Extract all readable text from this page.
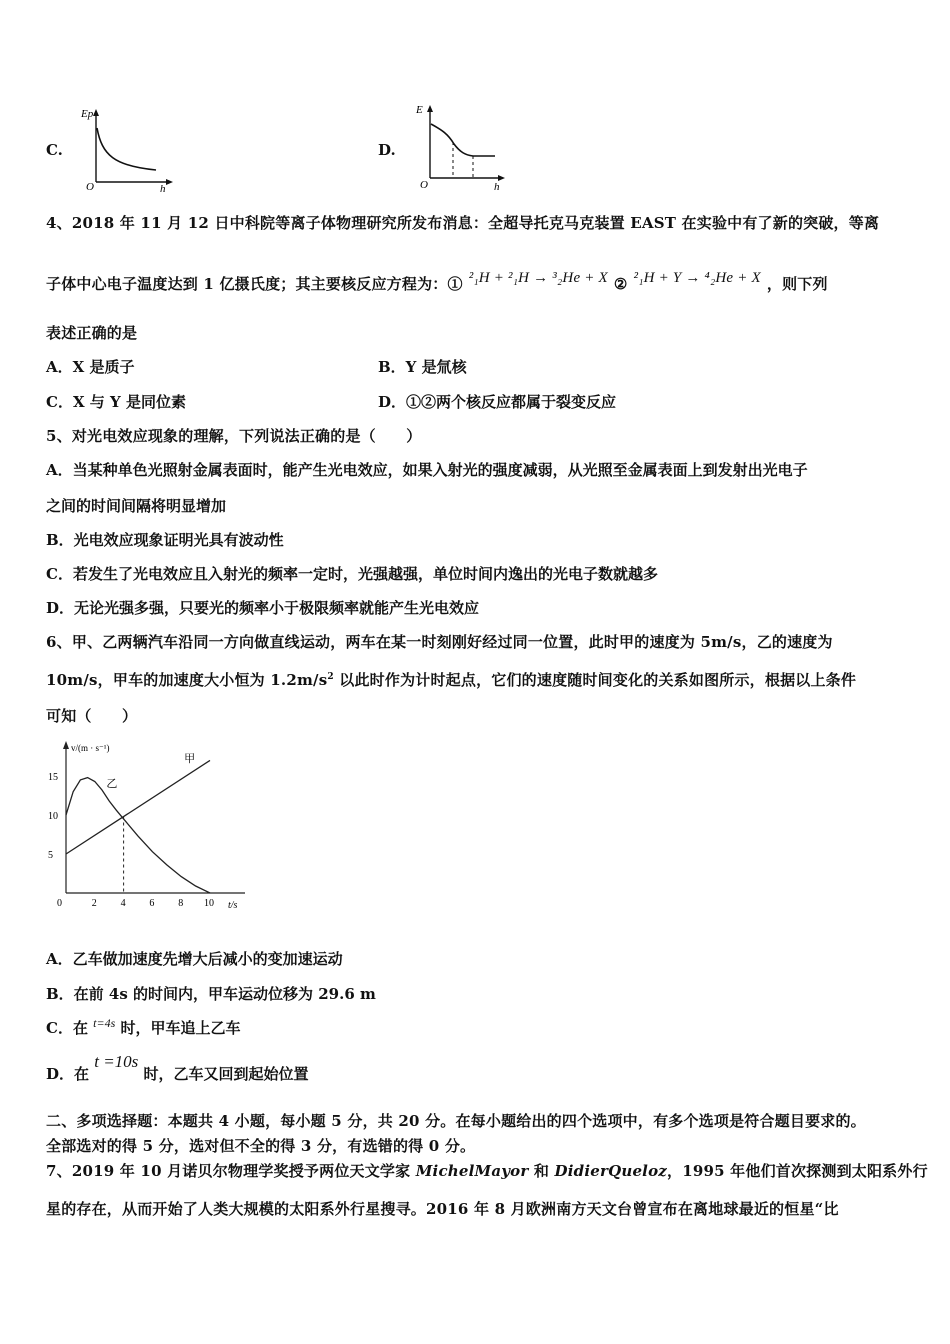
C.
Ep
O	h
D.
E
O	h
4、2018 年 11 月 12 日中科院等离子体物理研究所发布消息：全超导托克马克装置 EAST 在实验中有了新的突破，等离
子体中心电子温度达到 1 亿摄氏度；其主要核反应方程为：① ²₁H + ²₁H → ³₂He + X ② ²₁H + Y → ⁴₂He + X ，则下列
表述正确的是
A．X 是质子	B．Y 是氚核
C．X 与 Y 是同位素	D．①②两个核反应都属于裂变反应
5、对光电效应现象的理解，下列说法正确的是（　　）
A．当某种单色光照射金属表面时，能产生光电效应，如果入射光的强度减弱，从光照至金属表面上到发射出光电子
之间的时间间隔将明显增加
B．光电效应现象证明光具有波动性
C．若发生了光电效应且入射光的频率一定时，光强越强，单位时间内逸出的光电子数就越多
D．无论光强多强，只要光的频率小于极限频率就能产生光电效应
6、甲、乙两辆汽车沿同一方向做直线运动，两车在某一时刻刚好经过同一位置，此时甲的速度为 5m/s，乙的速度为
10m/s，甲车的加速度大小恒为 $1.2m/s^2$ 以此时作为计时起点，它们的速度随时间变化的关系如图所示，根据以上条件
可知（　　）
v/(m · s⁻¹)
t/s
0	2 4 6 8 10
5
10
15
甲
乙
A．乙车做加速度先增大后减小的变加速运动
B．在前 4s 的时间内，甲车运动位移为 29.6 m
C．在 $^{t=4s}$ 时，甲车追上乙车
D．在 t =10s 时，乙车又回到起始位置
二、多项选择题：本题共 4 小题，每小题 5 分，共 20 分。在每小题给出的四个选项中，有多个选项是符合题目要求的。
全部选对的得 5 分，选对但不全的得 3 分，有选错的得 0 分。
7、2019 年 10 月诺贝尔物理学奖授予两位天文学家 MichelMayor 和 DidierQueloz，1995 年他们首次探测到太阳系外行
星的存在，从而开始了人类大规模的太阳系外行星搜寻。2016 年 8 月欧洲南方天文台曾宣布在离地球最近的恒星“比
